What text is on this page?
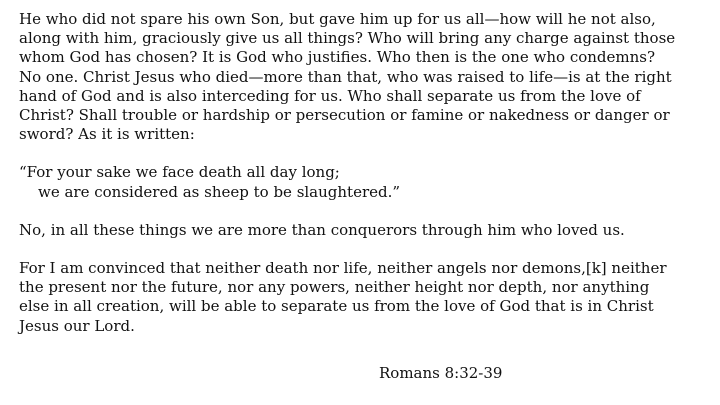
He who did not spare his own Son, but gave him up for us all—how will he not also,
along with him, graciously give us all things? Who will bring any charge against those
whom God has chosen? It is God who justifies. Who then is the one who condemns?
No one. Christ Jesus who died—more than that, who was raised to life—is at the right
hand of God and is also interceding for us. Who shall separate us from the love of
Christ? Shall trouble or hardship or persecution or famine or nakedness or danger or
sword? As it is written:
“For your sake we face death all day long;
we are considered as sheep to be slaughtered.”
No, in all these things we are more than conquerors through him who loved us.
For I am convinced that neither death nor life, neither angels nor demons,[k] neither
the present nor the future, nor any powers, neither height nor depth, nor anything
else in all creation, will be able to separate us from the love of God that is in Christ
Jesus our Lord.
Romans 8:32-39
